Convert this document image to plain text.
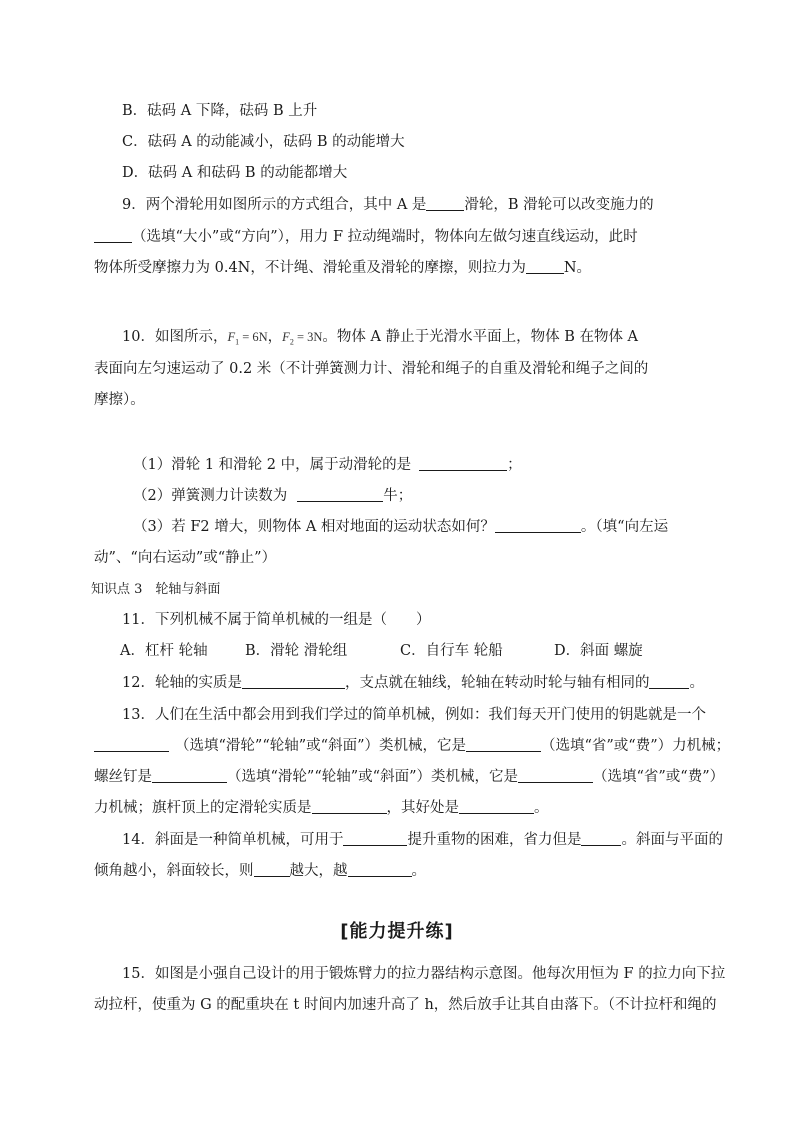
B．砝码 A 下降，砝码 B 上升
C．砝码 A 的动能减小，砝码 B 的动能增大
D．砝码 A 和砝码 B 的动能都增大
9．两个滑轮用如图所示的方式组合，其中 A 是	滑轮，B 滑轮可以改变施力的
（选填“大小”或“方向”），用力 F 拉动绳端时，物体向左做匀速直线运动，此时
物体所受摩擦力为 0.4N，不计绳、滑轮重及滑轮的摩擦，则拉力为	N。
10．如图所示，$F_1 = 6N$，$F_2 = 3N$。物体 A 静止于光滑水平面上，物体 B 在物体 A
表面向左匀速运动了 0.2 米（不计弹簧测力计、滑轮和绳子的自重及滑轮和绳子之间的
摩擦）。
（1）滑轮 1 和滑轮 2 中，属于动滑轮的是	；
（2）弹簧测力计读数为	牛；
（3）若 F2 增大，则物体 A 相对地面的运动状态如何？	。（填“向左运
动”、“向右运动”或“静止”）
知识点 3　轮轴与斜面
11．下列机械不属于简单机械的一组是（　　）
A．杠杆 轮轴	B．滑轮 滑轮组	C．自行车 轮船	D．斜面 螺旋
12．轮轴的实质是	，支点就在轴线，轮轴在转动时轮与轴有相同的	。
13．人们在生活中都会用到我们学过的简单机械，例如：我们每天开门使用的钥匙就是一个
（选填“滑轮”“轮轴”或“斜面”）类机械，它是	（选填“省”或“费”）力机械；
螺丝钉是	（选填“滑轮”“轮轴”或“斜面”）类机械，它是	（选填“省”或“费”）
力机械；旗杆顶上的定滑轮实质是	，其好处是	。
14．斜面是一种简单机械，可用于	提升重物的困难，省力但是	。斜面与平面的
倾角越小，斜面较长，则 越大，越	。
[能力提升练]
15．如图是小强自己设计的用于锻炼臂力的拉力器结构示意图。他每次用恒为 F 的拉力向下拉
动拉杆，使重为 G 的配重块在 t 时间内加速升高了 h，然后放手让其自由落下。（不计拉杆和绳的
